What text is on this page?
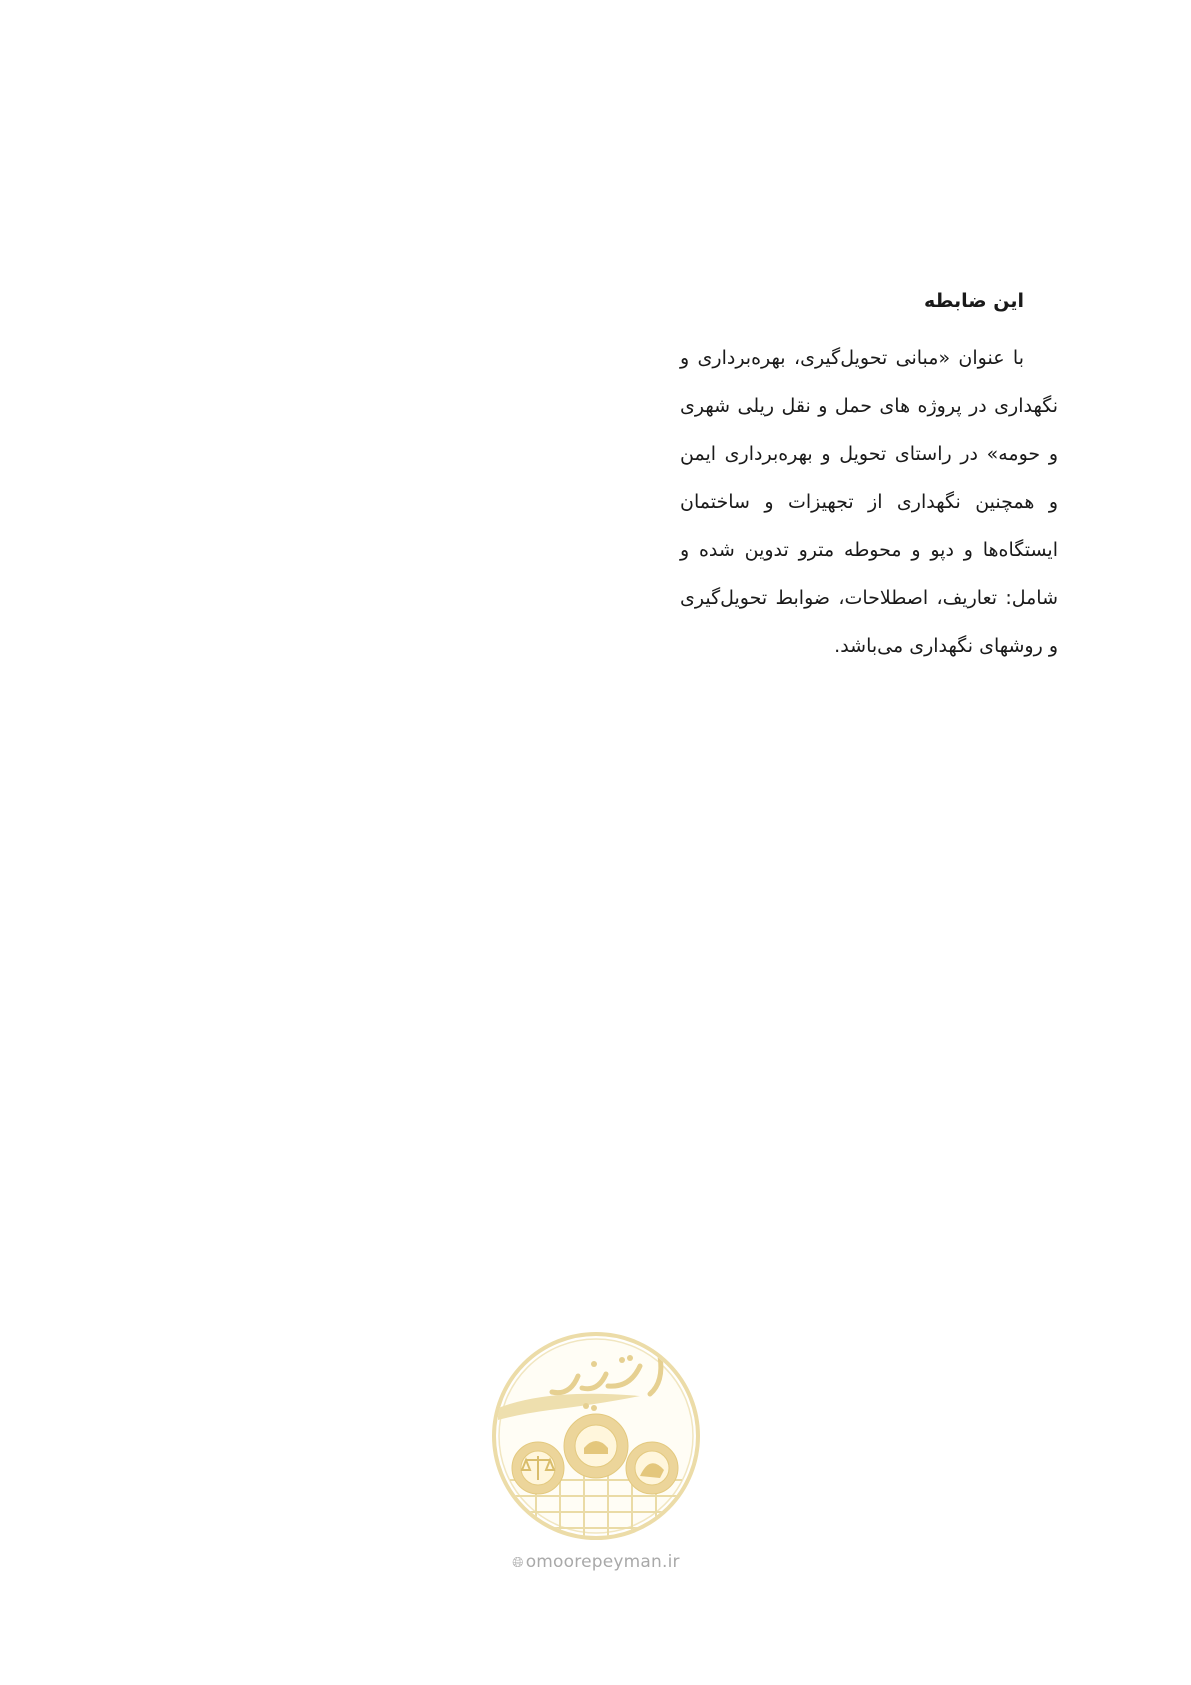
این ضابطه

با عنوان «مبانی تحویل‌گیری، بهره‌برداری و
نگهداری در پروژه های حمل و نقل ریلی شهری
و حومه» در راستای تحویل و بهره‌برداری ایمن
و همچنین نگهداری از تجهیزات و ساختمان
ایستگاه‌ها و دپو و محوطه مترو تدوین شده و
شامل: تعاریف، اصطلاحات، ضوابط تحویل‌گیری
و روشهای نگهداری می‌باشد.

🌐︎ omoorepeyman.ir
